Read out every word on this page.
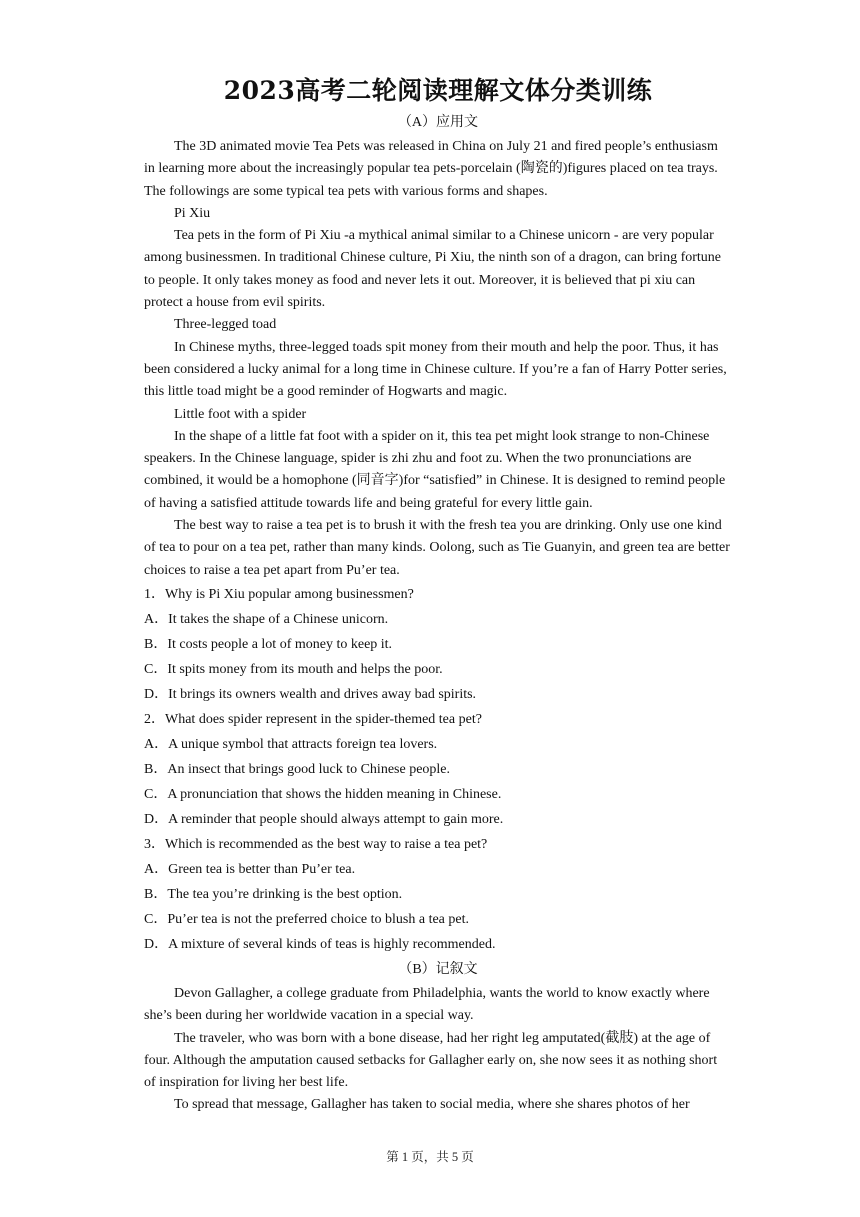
2023高考二轮阅读理解文体分类训练
（A）应用文

The 3D animated movie Tea Pets was released in China on July 21 and fired people’s enthusiasm in learning more about the increasingly popular tea pets-porcelain (陶瓷的)figures placed on tea trays. The followings are some typical tea pets with various forms and shapes.

Pi Xiu

Tea pets in the form of Pi Xiu -a mythical animal similar to a Chinese unicorn - are very popular among businessmen. In traditional Chinese culture, Pi Xiu, the ninth son of a dragon, can bring fortune to people. It only takes money as food and never lets it out. Moreover, it is believed that pi xiu can protect a house from evil spirits.

Three-legged toad

In Chinese myths, three-legged toads spit money from their mouth and help the poor. Thus, it has been considered a lucky animal for a long time in Chinese culture. If you’re a fan of Harry Potter series, this little toad might be a good reminder of Hogwarts and magic.

Little foot with a spider

In the shape of a little fat foot with a spider on it, this tea pet might look strange to non-Chinese speakers. In the Chinese language, spider is zhi zhu and foot zu. When the two pronunciations are combined, it would be a homophone (同音字)for “satisfied” in Chinese. It is designed to remind people of having a satisfied attitude towards life and being grateful for every little gain.

The best way to raise a tea pet is to brush it with the fresh tea you are drinking. Only use one kind of tea to pour on a tea pet, rather than many kinds. Oolong, such as Tie Guanyin, and green tea are better choices to raise a tea pet apart from Pu’er tea.

1．Why is Pi Xiu popular among businessmen?

A．It takes the shape of a Chinese unicorn.

B．It costs people a lot of money to keep it.

C．It spits money from its mouth and helps the poor.

D．It brings its owners wealth and drives away bad spirits.

2．What does spider represent in the spider-themed tea pet?

A．A unique symbol that attracts foreign tea lovers.

B．An insect that brings good luck to Chinese people.

C．A pronunciation that shows the hidden meaning in Chinese.

D．A reminder that people should always attempt to gain more.

3．Which is recommended as the best way to raise a tea pet?

A．Green tea is better than Pu’er tea.

B．The tea you’re drinking is the best option.

C．Pu’er tea is not the preferred choice to blush a tea pet.

D．A mixture of several kinds of teas is highly recommended.

（B）记叙文

Devon Gallagher, a college graduate from Philadelphia, wants the world to know exactly where she’s been during her worldwide vacation in a special way.

The traveler, who was born with a bone disease, had her right leg amputated(截肢) at the age of four. Although the amputation caused setbacks for Gallagher early on, she now sees it as nothing short of inspiration for living her best life.

To spread that message, Gallagher has taken to social media, where she shares photos of her

第 1 页，共 5 页
